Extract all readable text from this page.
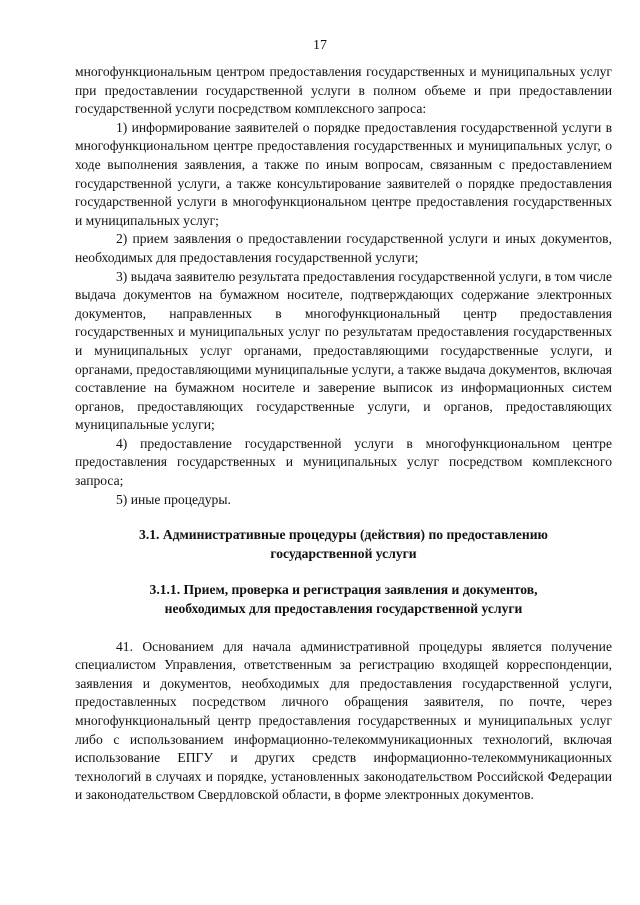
17

многофункциональным центром предоставления государственных и муниципальных услуг при предоставлении государственной услуги в полном объеме и при предоставлении государственной услуги посредством комплексного запроса:

1) информирование заявителей о порядке предоставления государственной услуги в многофункциональном центре предоставления государственных и муниципальных услуг, о ходе выполнения заявления, а также по иным вопросам, связанным с предоставлением государственной услуги, а также консультирование заявителей о порядке предоставления государственной услуги в многофункциональном центре предоставления государственных и муниципальных услуг;

2) прием заявления о предоставлении государственной услуги и иных документов, необходимых для предоставления государственной услуги;

3) выдача заявителю результата предоставления государственной услуги, в том числе выдача документов на бумажном носителе, подтверждающих содержание электронных документов, направленных в многофункциональный центр предоставления государственных и муниципальных услуг по результатам предоставления государственных и муниципальных услуг органами, предоставляющими государственные услуги, и органами, предоставляющими муниципальные услуги, а также выдача документов, включая составление на бумажном носителе и заверение выписок из информационных систем органов, предоставляющих государственные услуги, и органов, предоставляющих муниципальные услуги;

4) предоставление государственной услуги в многофункциональном центре предоставления государственных и муниципальных услуг посредством комплексного запроса;

5) иные процедуры.

3.1. Административные процедуры (действия) по предоставлению
государственной услуги
3.1.1. Прием, проверка и регистрация заявления и документов,
необходимых для предоставления государственной услуги

41. Основанием для начала административной процедуры является получение специалистом Управления, ответственным за регистрацию входящей корреспонденции, заявления и документов, необходимых для предоставления государственной услуги, предоставленных посредством личного обращения заявителя, по почте, через многофункциональный центр предоставления государственных и муниципальных услуг либо с использованием информационно-телекоммуникационных технологий, включая использование ЕПГУ и других средств информационно-телекоммуникационных технологий в случаях и порядке, установленных законодательством Российской Федерации и законодательством Свердловской области, в форме электронных документов.
